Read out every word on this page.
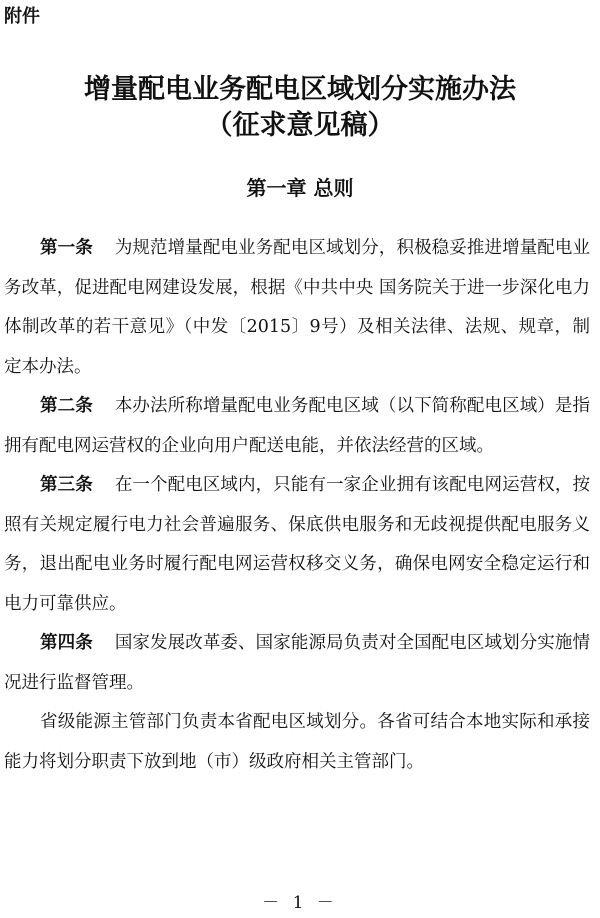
附件
增量配电业务配电区域划分实施办法
（征求意见稿）
第一章 总则

第一条 为规范增量配电业务配电区域划分，积极稳妥推进增量配电业务改革，促进配电网建设发展，根据《中共中央 国务院关于进一步深化电力体制改革的若干意见》（中发〔2015〕9号）及相关法律、法规、规章，制定本办法。

第二条 本办法所称增量配电业务配电区域（以下简称配电区域）是指拥有配电网运营权的企业向用户配送电能，并依法经营的区域。

第三条 在一个配电区域内，只能有一家企业拥有该配电网运营权，按照有关规定履行电力社会普遍服务、保底供电服务和无歧视提供配电服务义务，退出配电业务时履行配电网运营权移交义务，确保电网安全稳定运行和电力可靠供应。

第四条 国家发展改革委、国家能源局负责对全国配电区域划分实施情况进行监督管理。

省级能源主管部门负责本省配电区域划分。各省可结合本地实际和承接能力将划分职责下放到地（市）级政府相关主管部门。

－ 1 －
